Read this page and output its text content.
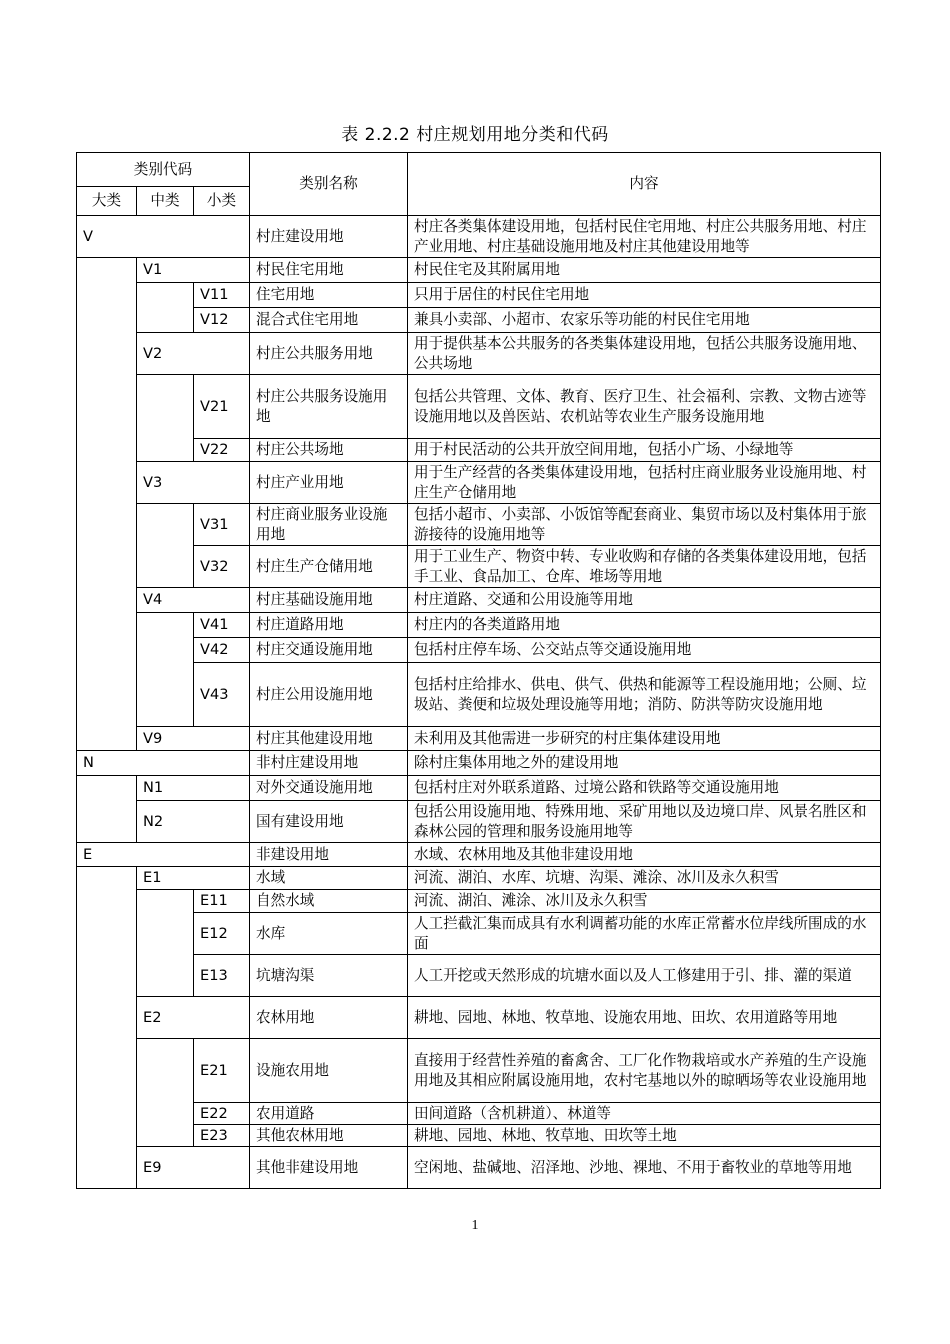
表 2.2.2 村庄规划用地分类和代码
类别代码			类别名称	内容
大类	中类	小类		
V			村庄建设用地	村庄各类集体建设用地，包括村民住宅用地、村庄公共服务用地、村庄产业用地、村庄基础设施用地及村庄其他建设用地等
	V1		村民住宅用地	村民住宅及其附属用地
		V11	住宅用地	只用于居住的村民住宅用地
		V12	混合式住宅用地	兼具小卖部、小超市、农家乐等功能的村民住宅用地
	V2		村庄公共服务用地	用于提供基本公共服务的各类集体建设用地，包括公共服务设施用地、公共场地
		V21	村庄公共服务设施用地	包括公共管理、文体、教育、医疗卫生、社会福利、宗教、文物古迹等设施用地以及兽医站、农机站等农业生产服务设施用地
		V22	村庄公共场地	用于村民活动的公共开放空间用地，包括小广场、小绿地等
	V3		村庄产业用地	用于生产经营的各类集体建设用地，包括村庄商业服务业设施用地、村庄生产仓储用地
		V31	村庄商业服务业设施用地	包括小超市、小卖部、小饭馆等配套商业、集贸市场以及村集体用于旅游接待的设施用地等
		V32	村庄生产仓储用地	用于工业生产、物资中转、专业收购和存储的各类集体建设用地，包括手工业、食品加工、仓库、堆场等用地
	V4		村庄基础设施用地	村庄道路、交通和公用设施等用地
		V41	村庄道路用地	村庄内的各类道路用地
		V42	村庄交通设施用地	包括村庄停车场、公交站点等交通设施用地
		V43	村庄公用设施用地	包括村庄给排水、供电、供气、供热和能源等工程设施用地；公厕、垃圾站、粪便和垃圾处理设施等用地；消防、防洪等防灾设施用地
	V9		村庄其他建设用地	未利用及其他需进一步研究的村庄集体建设用地
N			非村庄建设用地	除村庄集体用地之外的建设用地
	N1		对外交通设施用地	包括村庄对外联系道路、过境公路和铁路等交通设施用地
	N2		国有建设用地	包括公用设施用地、特殊用地、采矿用地以及边境口岸、风景名胜区和森林公园的管理和服务设施用地等
E			非建设用地	水域、农林用地及其他非建设用地
	E1		水域	河流、湖泊、水库、坑塘、沟渠、滩涂、冰川及永久积雪
		E11	自然水域	河流、湖泊、滩涂、冰川及永久积雪
		E12	水库	人工拦截汇集而成具有水利调蓄功能的水库正常蓄水位岸线所围成的水面
		E13	坑塘沟渠	人工开挖或天然形成的坑塘水面以及人工修建用于引、排、灌的渠道
	E2		农林用地	耕地、园地、林地、牧草地、设施农用地、田坎、农用道路等用地
		E21	设施农用地	直接用于经营性养殖的畜禽舍、工厂化作物栽培或水产养殖的生产设施用地及其相应附属设施用地，农村宅基地以外的晾晒场等农业设施用地
		E22	农用道路	田间道路（含机耕道）、林道等
		E23	其他农林用地	耕地、园地、林地、牧草地、田坎等土地
	E9		其他非建设用地	空闲地、盐碱地、沼泽地、沙地、裸地、不用于畜牧业的草地等用地
1
